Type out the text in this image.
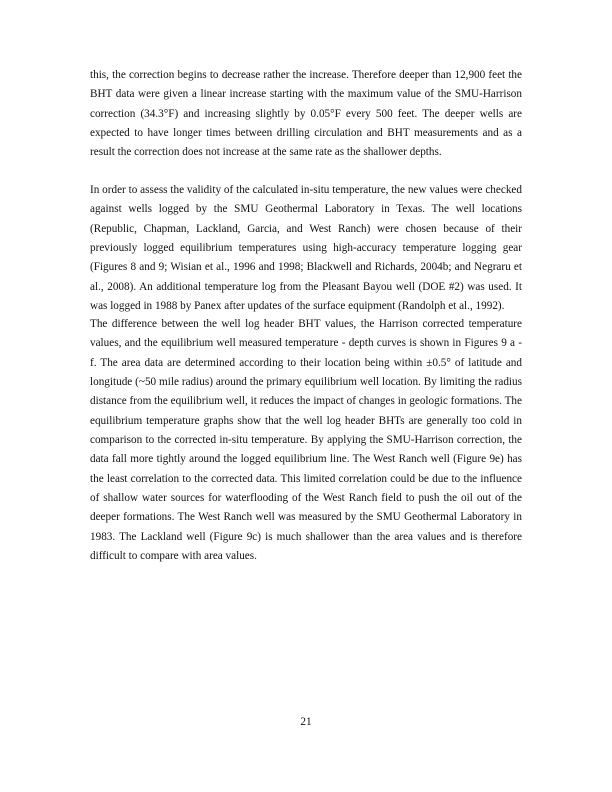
this, the correction begins to decrease rather the increase. Therefore deeper than 12,900 feet the BHT data were given a linear increase starting with the maximum value of the SMU-Harrison correction (34.3°F) and increasing slightly by 0.05°F every 500 feet. The deeper wells are expected to have longer times between drilling circulation and BHT measurements and as a result the correction does not increase at the same rate as the shallower depths.

In order to assess the validity of the calculated in-situ temperature, the new values were checked against wells logged by the SMU Geothermal Laboratory in Texas. The well locations (Republic, Chapman, Lackland, Garcia, and West Ranch) were chosen because of their previously logged equilibrium temperatures using high-accuracy temperature logging gear (Figures 8 and 9; Wisian et al., 1996 and 1998; Blackwell and Richards, 2004b; and Negraru et al., 2008). An additional temperature log from the Pleasant Bayou well (DOE #2) was used. It was logged in 1988 by Panex after updates of the surface equipment (Randolph et al., 1992).

The difference between the well log header BHT values, the Harrison corrected temperature values, and the equilibrium well measured temperature - depth curves is shown in Figures 9 a - f. The area data are determined according to their location being within ±0.5° of latitude and longitude (~50 mile radius) around the primary equilibrium well location. By limiting the radius distance from the equilibrium well, it reduces the impact of changes in geologic formations. The equilibrium temperature graphs show that the well log header BHTs are generally too cold in comparison to the corrected in-situ temperature. By applying the SMU-Harrison correction, the data fall more tightly around the logged equilibrium line. The West Ranch well (Figure 9e) has the least correlation to the corrected data. This limited correlation could be due to the influence of shallow water sources for waterflooding of the West Ranch field to push the oil out of the deeper formations. The West Ranch well was measured by the SMU Geothermal Laboratory in 1983. The Lackland well (Figure 9c) is much shallower than the area values and is therefore difficult to compare with area values.

21
